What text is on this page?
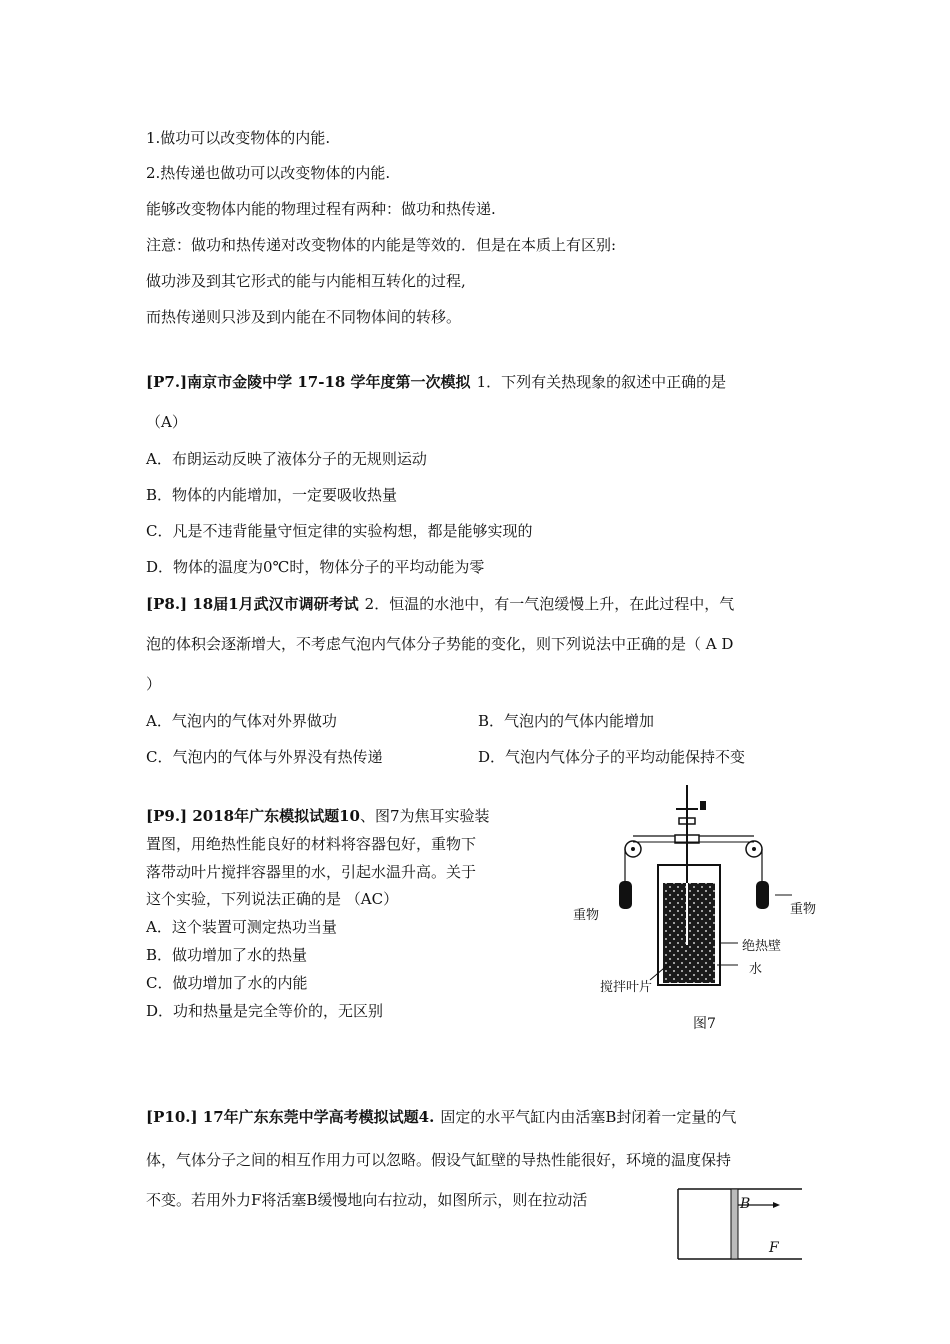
1.做功可以改变物体的内能.
2.热传递也做功可以改变物体的内能.
能够改变物体内能的物理过程有两种：做功和热传递.
注意：做功和热传递对改变物体的内能是等效的．但是在本质上有区别:
做功涉及到其它形式的能与内能相互转化的过程,
而热传递则只涉及到内能在不同物体间的转移。
[P7.]南京市金陵中学 17-18 学年度第一次模拟 1．下列有关热现象的叙述中正确的是
（A）
A．布朗运动反映了液体分子的无规则运动
B．物体的内能增加，一定要吸收热量
C．凡是不违背能量守恒定律的实验构想，都是能够实现的
D．物体的温度为0℃时，物体分子的平均动能为零
[P8.] 18届1月武汉市调研考试 2．恒温的水池中，有一气泡缓慢上升，在此过程中，气
泡的体积会逐渐增大，不考虑气泡内气体分子势能的变化，则下列说法中正确的是（ A D
）
A．气泡内的气体对外界做功	B．气泡内的气体内能增加
C．气泡内的气体与外界没有热传递	D．气泡内气体分子的平均动能保持不变
[P9.] 2018年广东模拟试题10、图7为焦耳实验装
置图，用绝热性能良好的材料将容器包好，重物下
落带动叶片搅拌容器里的水，引起水温升高。关于
这个实验，下列说法正确的是 （AC）
A．这个装置可测定热功当量
B．做功增加了水的热量
C．做功增加了水的内能
D．功和热量是完全等价的，无区别
重物	重物
绝热壁
水
搅拌叶片
图7
[P10.] 17年广东东莞中学高考模拟试题4. 固定的水平气缸内由活塞B封闭着一定量的气
体，气体分子之间的相互作用力可以忽略。假设气缸壁的导热性能很好，环境的温度保持
不变。若用外力F将活塞B缓慢地向右拉动，如图所示，则在拉动活	B
F
